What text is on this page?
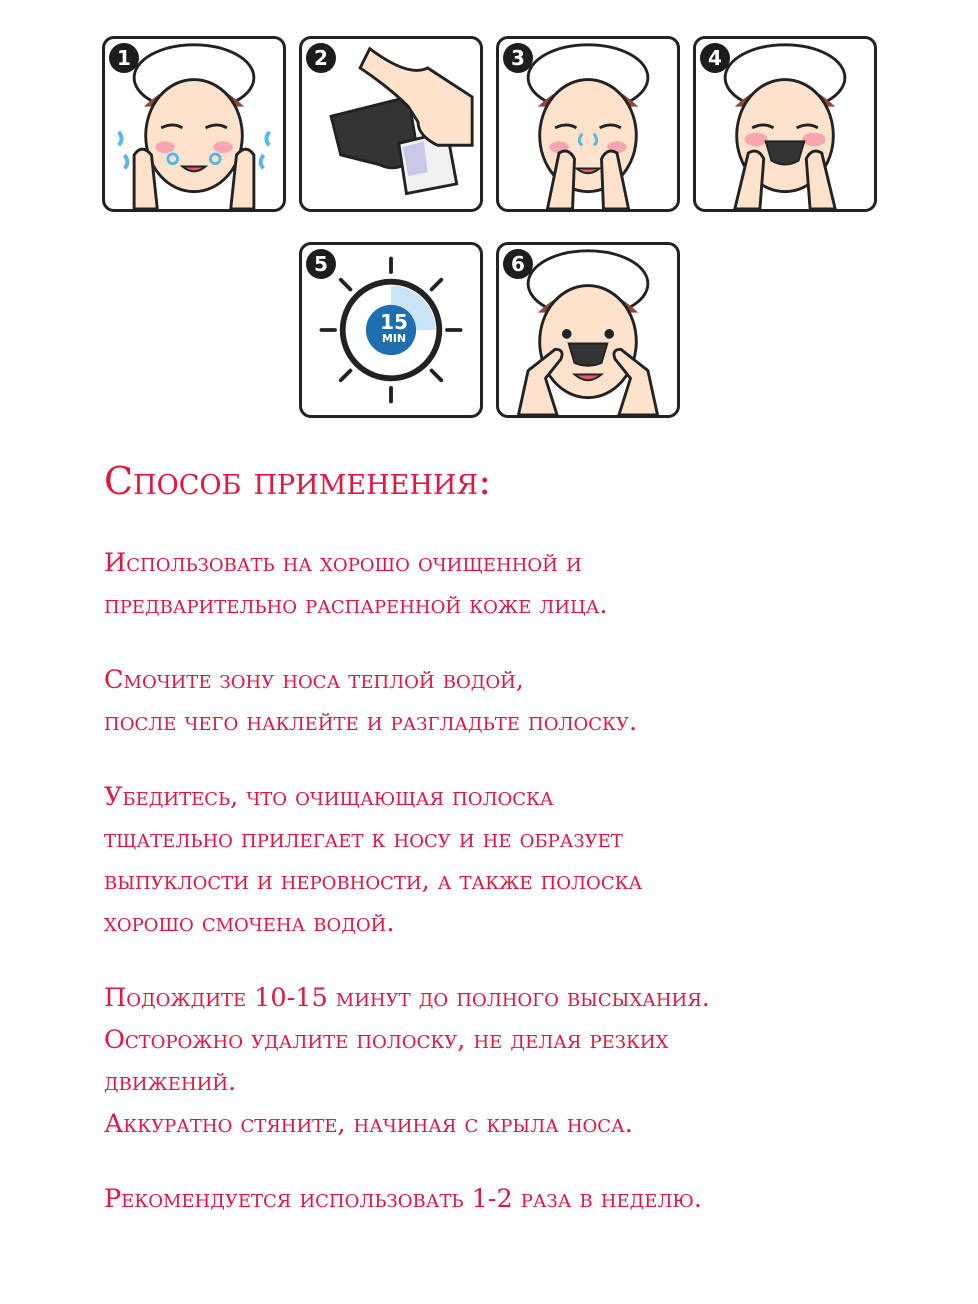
1	2	3	4
5
15
MIN
6
Способ применения:
Использовать на хорошо очищенной и
предварительно распаренной коже лица.
Смочите зону носа теплой водой,
после чего наклейте и разгладьте полоску.
Убедитесь, что очищающая полоска
тщательно прилегает к носу и не образует
выпуклости и неровности, а также полоска
хорошо смочена водой.
Подождите 10-15 минут до полного высыхания.
Осторожно удалите полоску, не делая резких
движений.
Аккуратно стяните, начиная с крыла носа.
Рекомендуется использовать 1-2 раза в неделю.
